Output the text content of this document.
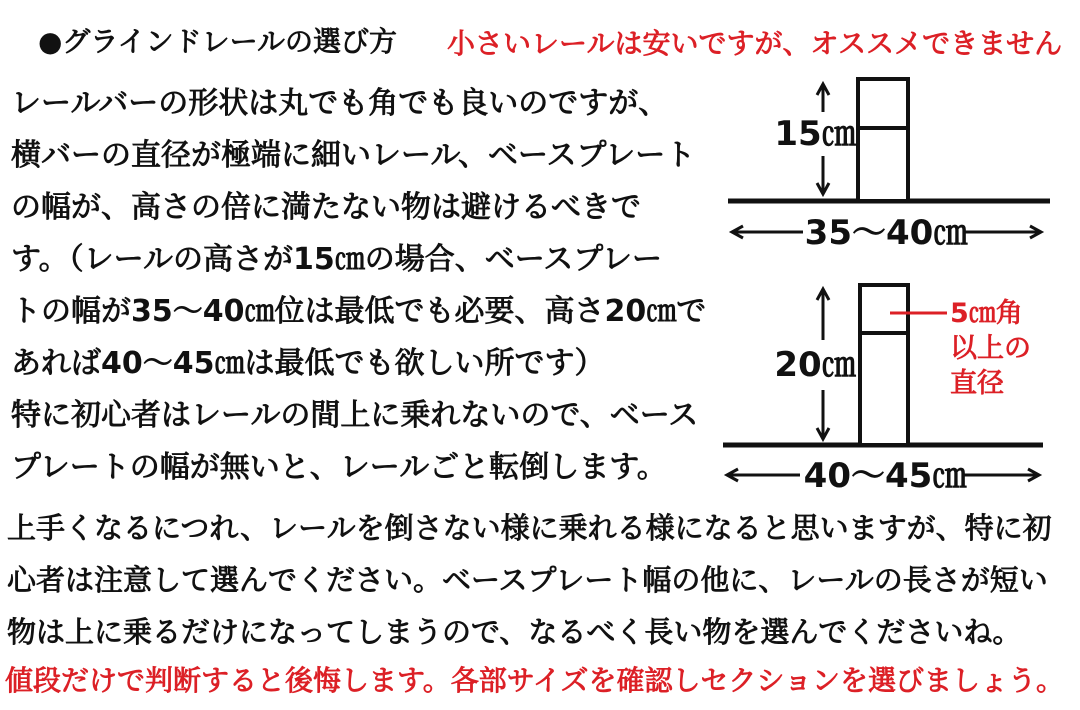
●グラインドレールの選び方 小さいレールは安いですが、オススメできません
レールバーの形状は丸でも角でも良いのですが、
横バーの直径が極端に細いレール、ベースプレート
の幅が、高さの倍に満たない物は避けるべきで
す。（レールの高さが15㎝の場合、ベースプレー
トの幅が35～40㎝位は最低でも必要、高さ20㎝で
あれば40～45㎝は最低でも欲しい所です）
特に初心者はレールの間上に乗れないので、ベース
プレートの幅が無いと、レールごと転倒します。
上手くなるにつれ、レールを倒さない様に乗れる様になると思いますが、特に初
心者は注意して選んでください。ベースプレート幅の他に、レールの長さが短い
物は上に乗るだけになってしまうので、なるべく長い物を選んでくださいね。
値段だけで判断すると後悔します。各部サイズを確認しセクションを選びましょう。
15㎝
35～40㎝
20㎝
40～45㎝
5㎝角
以上の
直径
